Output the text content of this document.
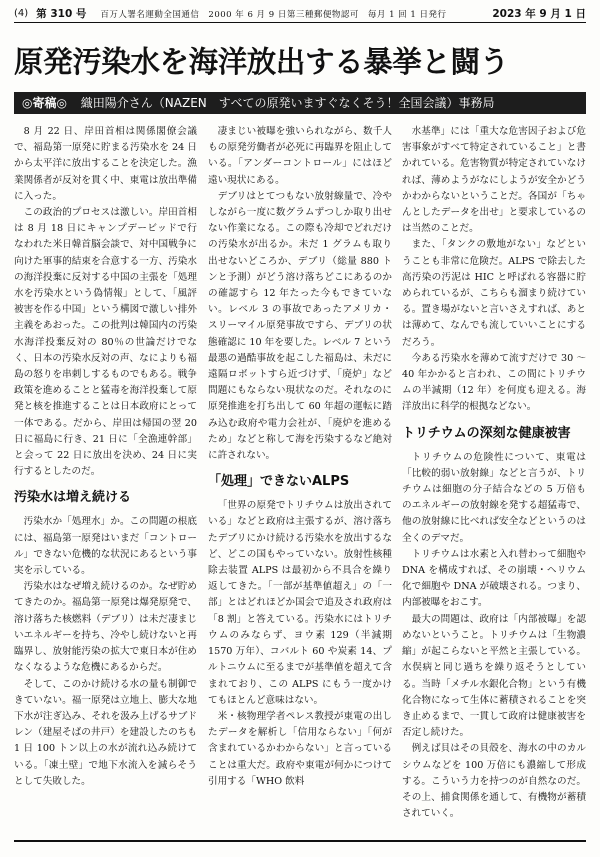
(4) 第 310 号 百万人署名運動全国通信　2000 年 6 月 9 日第三種郵便物認可　毎月 1 回 1 日発行	2023 年 9 月 1 日
原発汚染水を海洋放出する暴挙と闘う
◎寄稿◎ 織田陽介さん（NAZEN　すべての原発いますぐなくそう！全国会議）事務局

8 月 22 日、岸田首相は関係閣僚会議で、福島第一原発に貯まる汚染水を 24 日から太平洋に放出することを決定した。漁業関係者が反対を貫く中、東電は放出準備に入った。

この政治的プロセスは激しい。岸田首相は 8 月 18 日にキャンプデービッドで行なわれた米日韓首脳会談で、対中国戦争に向けた軍事的結束を合意する一方、汚染水の海洋投棄に反対する中国の主張を「処理水を汚染水という偽情報」として、「風評被害を作る中国」という構図で激しい排外主義をあおった。この批判は韓国内の汚染水海洋投棄反対の 80％の世論だけでなく、日本の汚染水反対の声、なによりも福島の怒りを串刺しするものでもある。戦争政策を進めることと猛毒を海洋投棄して原発と核を推進することは日本政府にとって一体である。だから、岸田は帰国の翌 20 日に福島に行き、21 日に「全漁連幹部」と会って 22 日に放出を決め、24 日に実行するとしたのだ。

汚染水は増え続ける

汚染水か「処理水」か。この問題の根底には、福島第一原発はいまだ「コントロール」できない危機的な状況にあるという事実を示している。

汚染水はなぜ増え続けるのか。なぜ貯めてきたのか。福島第一原発は爆発原発で、溶け落ちた核燃料（デブリ）は未だ凄まじいエネルギーを持ち、冷やし続けないと再臨界し、放射能汚染の拡大で東日本が住めなくなるような危機にあるからだ。

そして、このかけ続ける水の量も制御できていない。福一原発は立地上、膨大な地下水が注ぎ込み、それを汲み上げるサブドレン（建屋そばの井戸）を建設したのちも 1 日 100 トン以上の水が流れ込み続けている。「凍土壁」で地下水流入を減らそうとして失敗した。

凄まじい被曝を強いられながら、数千人もの原発労働者が必死に再臨界を阻止している。「アンダーコントロール」にはほど遠い現状にある。

デブリはとてつもない放射線量で、冷やしながら一度に数グラムずつしか取り出せない作業になる。この際も冷却でどれだけの汚染水が出るか。未だ 1 グラムも取り出せないどころか、デブリ（総量 880 トンと予測）がどう溶け落ちどこにあるのかの確認すら 12 年たった今もできていない。レベル 3 の事故であったアメリカ・スリーマイル原発事故ですら、デブリの状態確認に 10 年を要した。レベル 7 という最悪の過酷事故を起こした福島は、未だに遠隔ロボットすら近づけず、「廃炉」など問題にもならない現状なのだ。それなのに原発推進を打ち出して 60 年超の運転に踏み込む政府や電力会社が、「廃炉を進めるため」などと称して海を汚染するなど絶対に許されない。

「処理」できないALPS

「世界の原発でトリチウムは放出されている」などと政府は主張するが、溶け落ちたデブリにかけ続ける汚染水を放出するなど、どこの国もやっていない。放射性核種除去装置 ALPS は最初から不具合を繰り返してきた。「一部が基準値超え」の「一部」とはどれほどか国会で追及され政府は「8 割」と答えている。汚染水にはトリチウムのみならず、ヨウ素 129（半減期 1570 万年）、コバルト 60 や炭素 14、プルトニウムに至るまでが基準値を超えて含まれており、この ALPS にもう一度かけてもほとんど意味はない。

米・核物理学者ペレス教授が東電の出したデータを解析し「信用ならない」「何が含まれているかわからない」と言っていることは重大だ。政府や東電が何かにつけて引用する「WHO 飲料

水基準」には「重大な危害因子および危害事象がすべて特定されていること」と書かれている。危害物質が特定されていなければ、薄めようがなにしようが安全かどうかわからないということだ。各国が「ちゃんとしたデータを出せ」と要求しているのは当然のことだ。

また、「タンクの敷地がない」などということも非常に危険だ。ALPS で除去した高汚染の汚泥は HIC と呼ばれる容器に貯められているが、こちらも溜まり続けている。置き場がないと言いさえすれば、あとは薄めて、なんでも流していいことにするだろう。

今ある汚染水を薄めて流すだけで 30 〜 40 年かかると言われ、この間にトリチウムの半減期（12 年）を何度も迎える。海洋放出に科学的根拠などない。

トリチウムの深刻な健康被害

トリチウムの危険性について、東電は「比較的弱い放射線」などと言うが、トリチウムは細胞の分子結合などの 5 万倍ものエネルギーの放射線を発する超猛毒で、他の放射線に比べれば安全などというのは全くのデマだ。

トリチウムは水素と入れ替わって細胞や DNA を構成すれば、その崩壊・ヘリウム化で細胞や DNA が破壊される。つまり、内部被曝をおこす。

最大の問題は、政府は「内部被曝」を認めないということ。トリチウムは「生物濃縮」が起こらないと平然と主張している。水俣病と同じ過ちを繰り返そうとしている。当時「メチル水銀化合物」という有機化合物になって生体に蓄積されることを突き止めるまで、一貫して政府は健康被害を否定し続けた。

例えば貝はその貝殻を、海水の中のカルシウムなどを 100 万倍にも濃縮して形成する。こういう力を持つのが自然なのだ。その上、捕食関係を通して、有機物が蓄積されていく。
